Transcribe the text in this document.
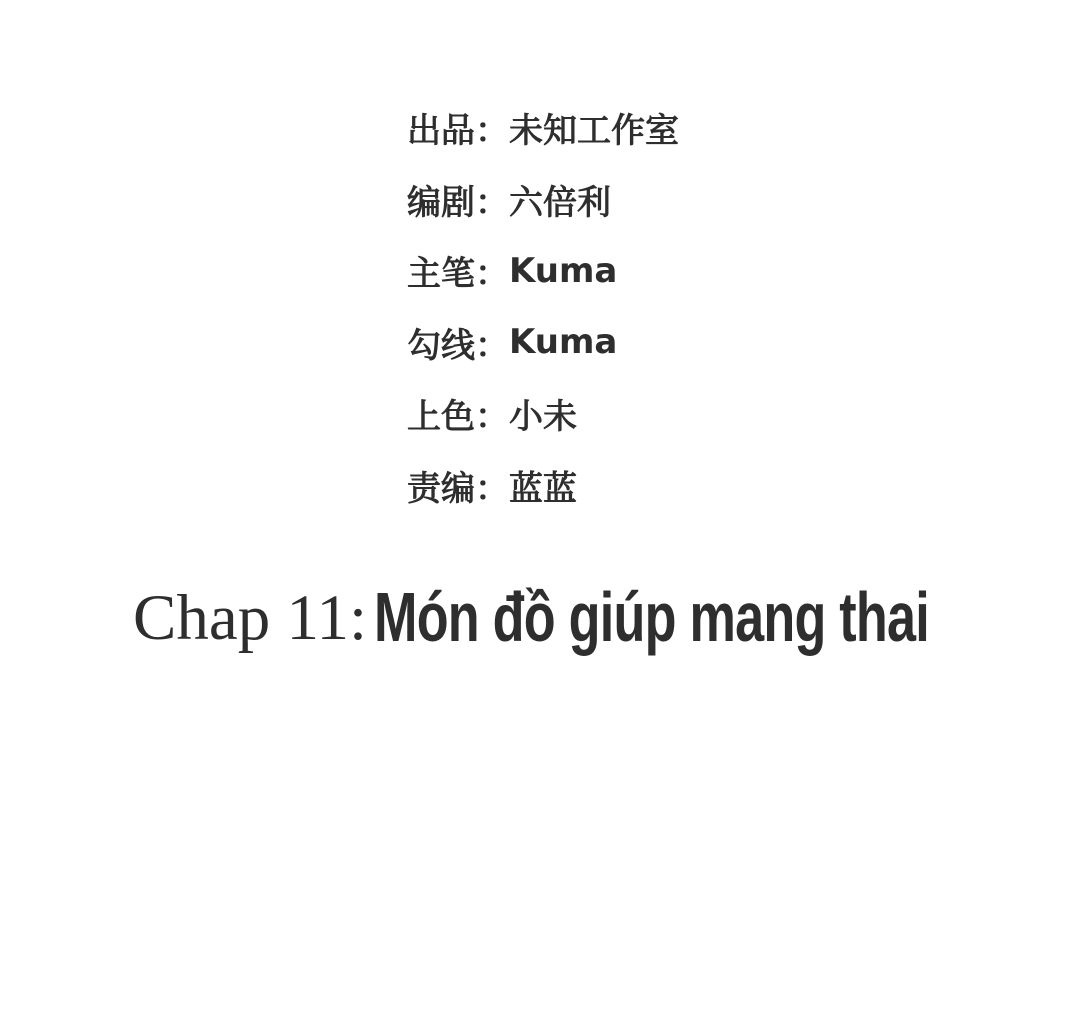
出品： 未知工作室
编剧： 六倍利
主笔： Kuma
勾线： Kuma
上色： 小未
责编： 蓝蓝
Chap 11: Món đồ giúp mang thai
